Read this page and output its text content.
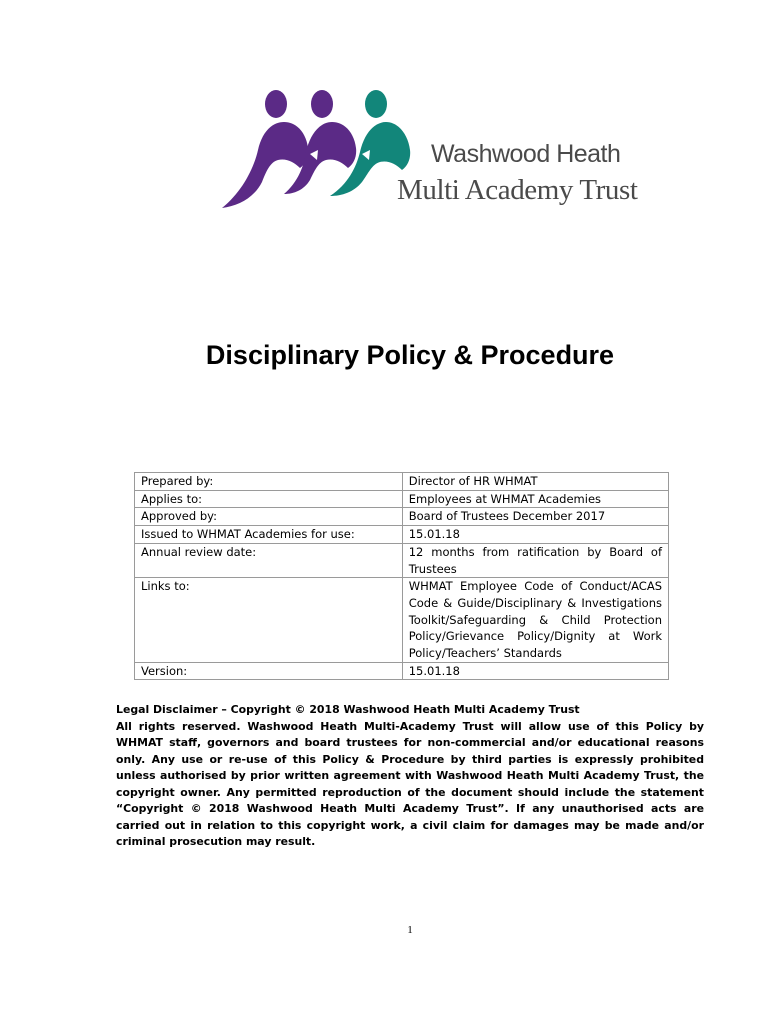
Washwood Heath
Multi Academy Trust
Disciplinary Policy & Procedure
Prepared by:	Director of HR WHMAT

Applies to:	Employees at WHMAT Academies

Approved by:	Board of Trustees December 2017

Issued to WHMAT Academies for use:	15.01.18

Annual review date:	12 months from ratification by Board of Trustees

Links to:	WHMAT Employee Code of Conduct/ACAS Code & Guide/Disciplinary & Investigations Toolkit/Safeguarding & Child Protection Policy/Grievance Policy/Dignity at Work Policy/Teachers’ Standards

Version:	15.01.18
Legal Disclaimer – Copyright © 2018 Washwood Heath Multi Academy Trust
All rights reserved. Washwood Heath Multi-Academy Trust will allow use of this Policy by WHMAT staff, governors and board trustees for non-commercial and/or educational reasons only. Any use or re-use of this Policy & Procedure by third parties is expressly prohibited unless authorised by prior written agreement with Washwood Heath Multi Academy Trust, the copyright owner. Any permitted reproduction of the document should include the statement “Copyright © 2018 Washwood Heath Multi Academy Trust”. If any unauthorised acts are carried out in relation to this copyright work, a civil claim for damages may be made and/or criminal prosecution may result.
1
